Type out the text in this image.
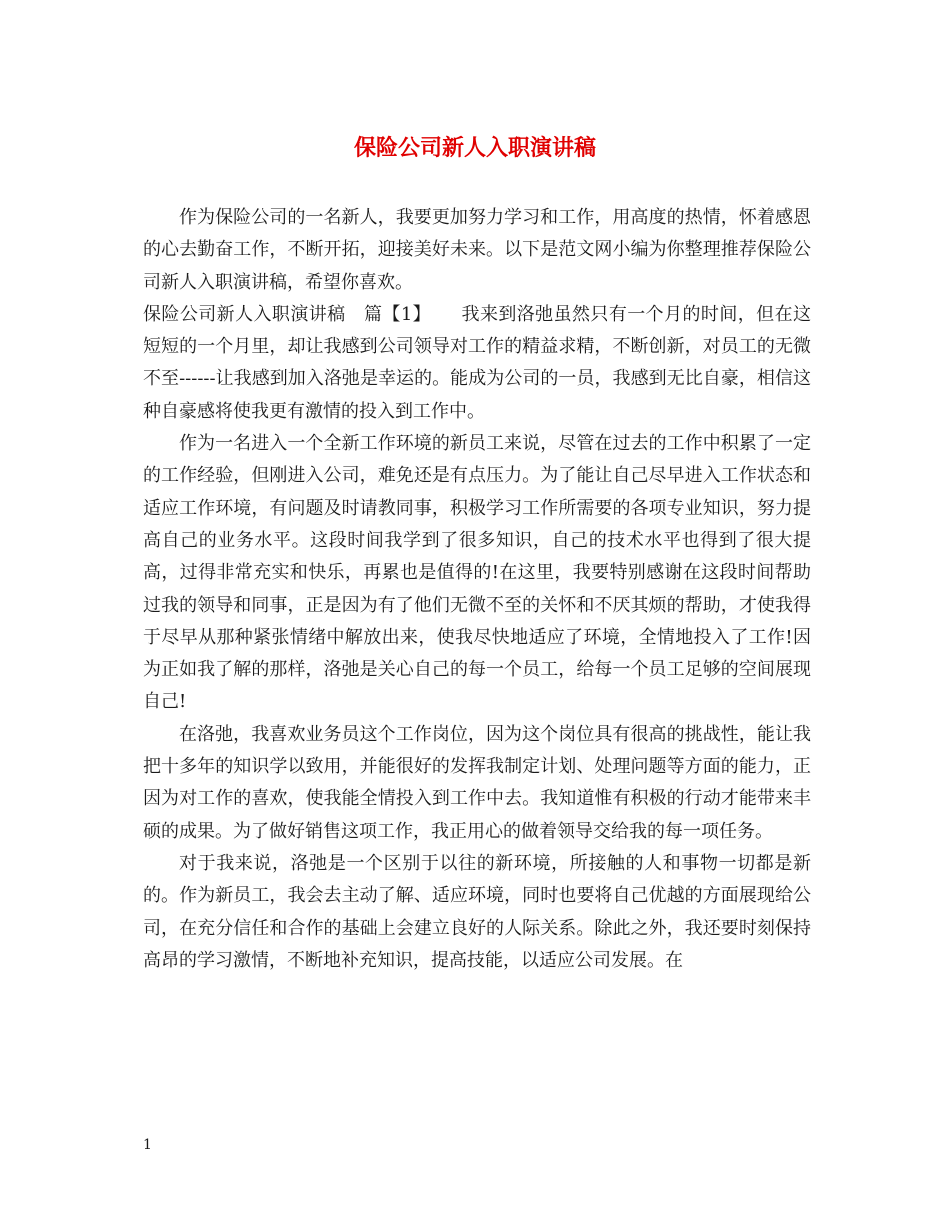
保险公司新人入职演讲稿

作为保险公司的一名新人，我要更加努力学习和工作，用高度的热情，怀着感恩的心去勤奋工作，不断开拓，迎接美好未来。以下是范文网小编为你整理推荐保险公司新人入职演讲稿，希望你喜欢。

保险公司新人入职演讲稿　篇【1】 我来到洛弛虽然只有一个月的时间，但在这短短的一个月里，却让我感到公司领导对工作的精益求精，不断创新，对员工的无微不至------让我感到加入洛弛是幸运的。能成为公司的一员，我感到无比自豪，相信这种自豪感将使我更有激情的投入到工作中。

作为一名进入一个全新工作环境的新员工来说，尽管在过去的工作中积累了一定的工作经验，但刚进入公司，难免还是有点压力。为了能让自己尽早进入工作状态和适应工作环境，有问题及时请教同事，积极学习工作所需要的各项专业知识，努力提高自己的业务水平。这段时间我学到了很多知识，自己的技术水平也得到了很大提高，过得非常充实和快乐，再累也是值得的!在这里，我要特别感谢在这段时间帮助过我的领导和同事，正是因为有了他们无微不至的关怀和不厌其烦的帮助，才使我得于尽早从那种紧张情绪中解放出来，使我尽快地适应了环境，全情地投入了工作!因为正如我了解的那样，洛弛是关心自己的每一个员工，给每一个员工足够的空间展现自己!

在洛弛，我喜欢业务员这个工作岗位，因为这个岗位具有很高的挑战性，能让我把十多年的知识学以致用，并能很好的发挥我制定计划、处理问题等方面的能力，正因为对工作的喜欢，使我能全情投入到工作中去。我知道惟有积极的行动才能带来丰硕的成果。为了做好销售这项工作，我正用心的做着领导交给我的每一项任务。

对于我来说，洛弛是一个区别于以往的新环境，所接触的人和事物一切都是新的。作为新员工，我会去主动了解、适应环境，同时也要将自己优越的方面展现给公司，在充分信任和合作的基础上会建立良好的人际关系。除此之外，我还要时刻保持高昂的学习激情，不断地补充知识，提高技能，以适应公司发展。在

1
